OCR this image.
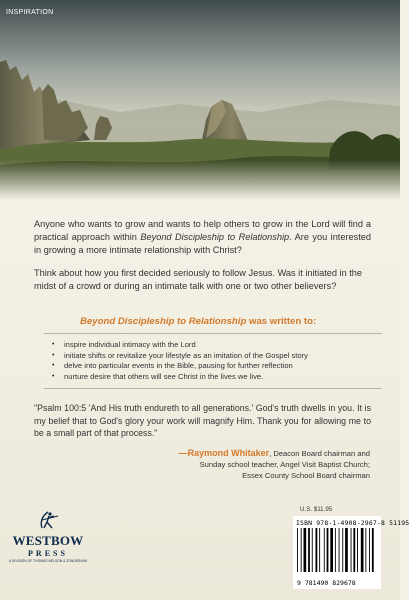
INSPIRATION
Anyone who wants to grow and wants to help others to grow in the Lord will find a practical approach within Beyond Discipleship to Relationship. Are you interested in growing a more intimate relationship with Christ?
Think about how you first decided seriously to follow Jesus. Was it initiated in the midst of a crowd or during an intimate talk with one or two other believers?
Beyond Discipleship to Relationship was written to:
• inspire individual intimacy with the Lord
• initiate shifts or revitalize your lifestyle as an imitation of the Gospel story
• delve into particular events in the Bible, pausing for further reflection
• nurture desire that others will see Christ in the lives we live.
"Psalm 100:5 'And His truth endureth to all generations.' God's truth dwells in you. It is my belief that to God's glory your work will magnify Him. Thank you for allowing me to be a small part of that process."
—Raymond Whitaker, Deacon Board chairman and
Sunday school teacher, Angel Visit Baptist Church;
Essex County School Board chairman
WESTBOW
PRESS
A DIVISION OF THOMAS NELSON & ZONDERVAN
U.S. $11.95
ISBN 978-1-4908-2967-8 51195
9 781490 829678
